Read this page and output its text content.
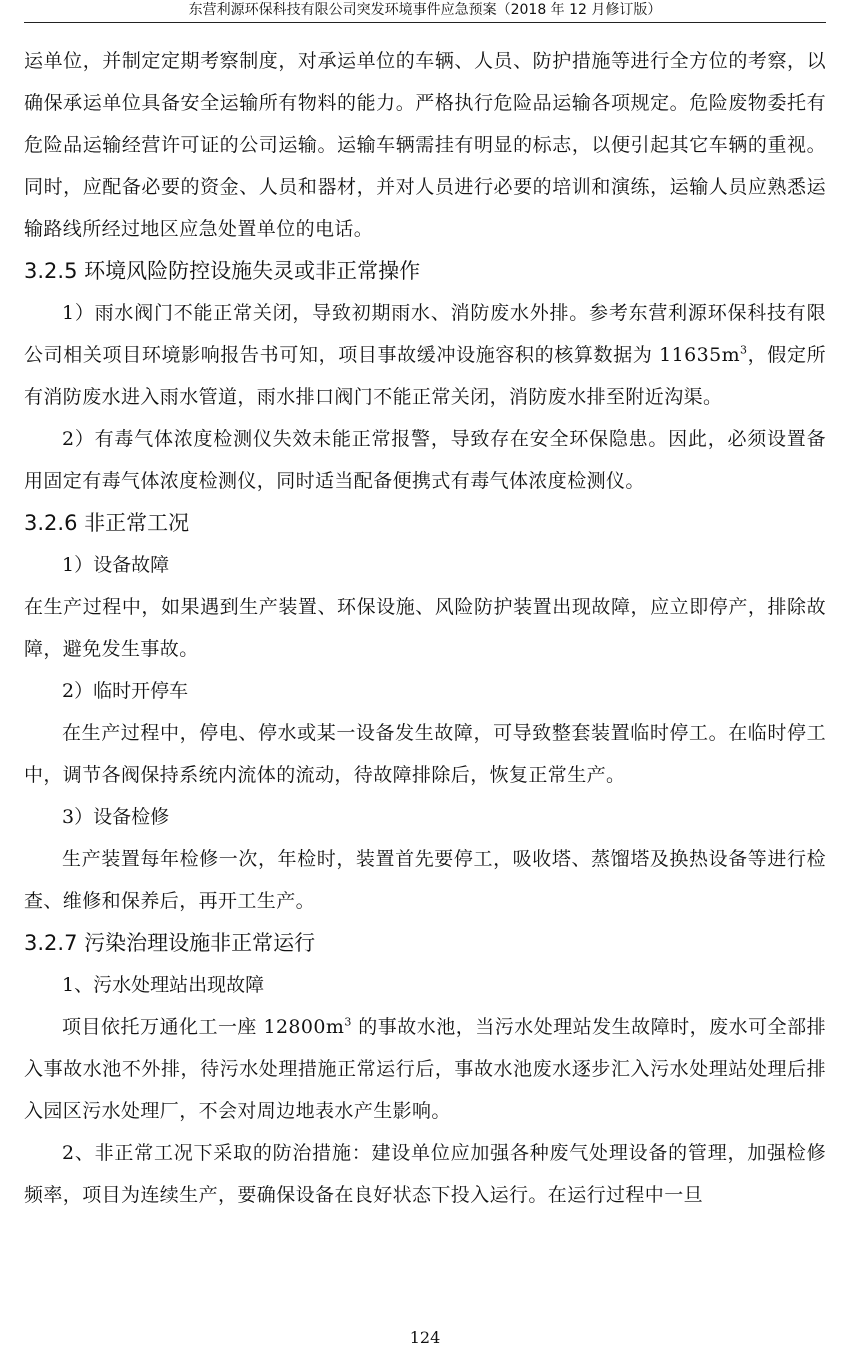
东营利源环保科技有限公司突发环境事件应急预案（2018 年 12 月修订版）

运单位，并制定定期考察制度，对承运单位的车辆、人员、防护措施等进行全方位的考察，以确保承运单位具备安全运输所有物料的能力。严格执行危险品运输各项规定。危险废物委托有危险品运输经营许可证的公司运输。运输车辆需挂有明显的标志，以便引起其它车辆的重视。同时，应配备必要的资金、人员和器材，并对人员进行必要的培训和演练，运输人员应熟悉运输路线所经过地区应急处置单位的电话。

3.2.5 环境风险防控设施失灵或非正常操作

1）雨水阀门不能正常关闭，导致初期雨水、消防废水外排。参考东营利源环保科技有限公司相关项目环境影响报告书可知，项目事故缓冲设施容积的核算数据为 $11635m^3$，假定所有消防废水进入雨水管道，雨水排口阀门不能正常关闭，消防废水排至附近沟渠。

2）有毒气体浓度检测仪失效未能正常报警，导致存在安全环保隐患。因此，必须设置备用固定有毒气体浓度检测仪，同时适当配备便携式有毒气体浓度检测仪。

3.2.6 非正常工况

1）设备故障

在生产过程中，如果遇到生产装置、环保设施、风险防护装置出现故障，应立即停产，排除故障，避免发生事故。

2）临时开停车

在生产过程中，停电、停水或某一设备发生故障，可导致整套装置临时停工。在临时停工中，调节各阀保持系统内流体的流动，待故障排除后，恢复正常生产。

3）设备检修

生产装置每年检修一次，年检时，装置首先要停工，吸收塔、蒸馏塔及换热设备等进行检查、维修和保养后，再开工生产。

3.2.7 污染治理设施非正常运行

1、污水处理站出现故障

项目依托万通化工一座 $12800m^3$ 的事故水池，当污水处理站发生故障时，废水可全部排入事故水池不外排，待污水处理措施正常运行后，事故水池废水逐步汇入污水处理站处理后排入园区污水处理厂，不会对周边地表水产生影响。

2、非正常工况下采取的防治措施：建设单位应加强各种废气处理设备的管理，加强检修频率，项目为连续生产，要确保设备在良好状态下投入运行。在运行过程中一旦

124
